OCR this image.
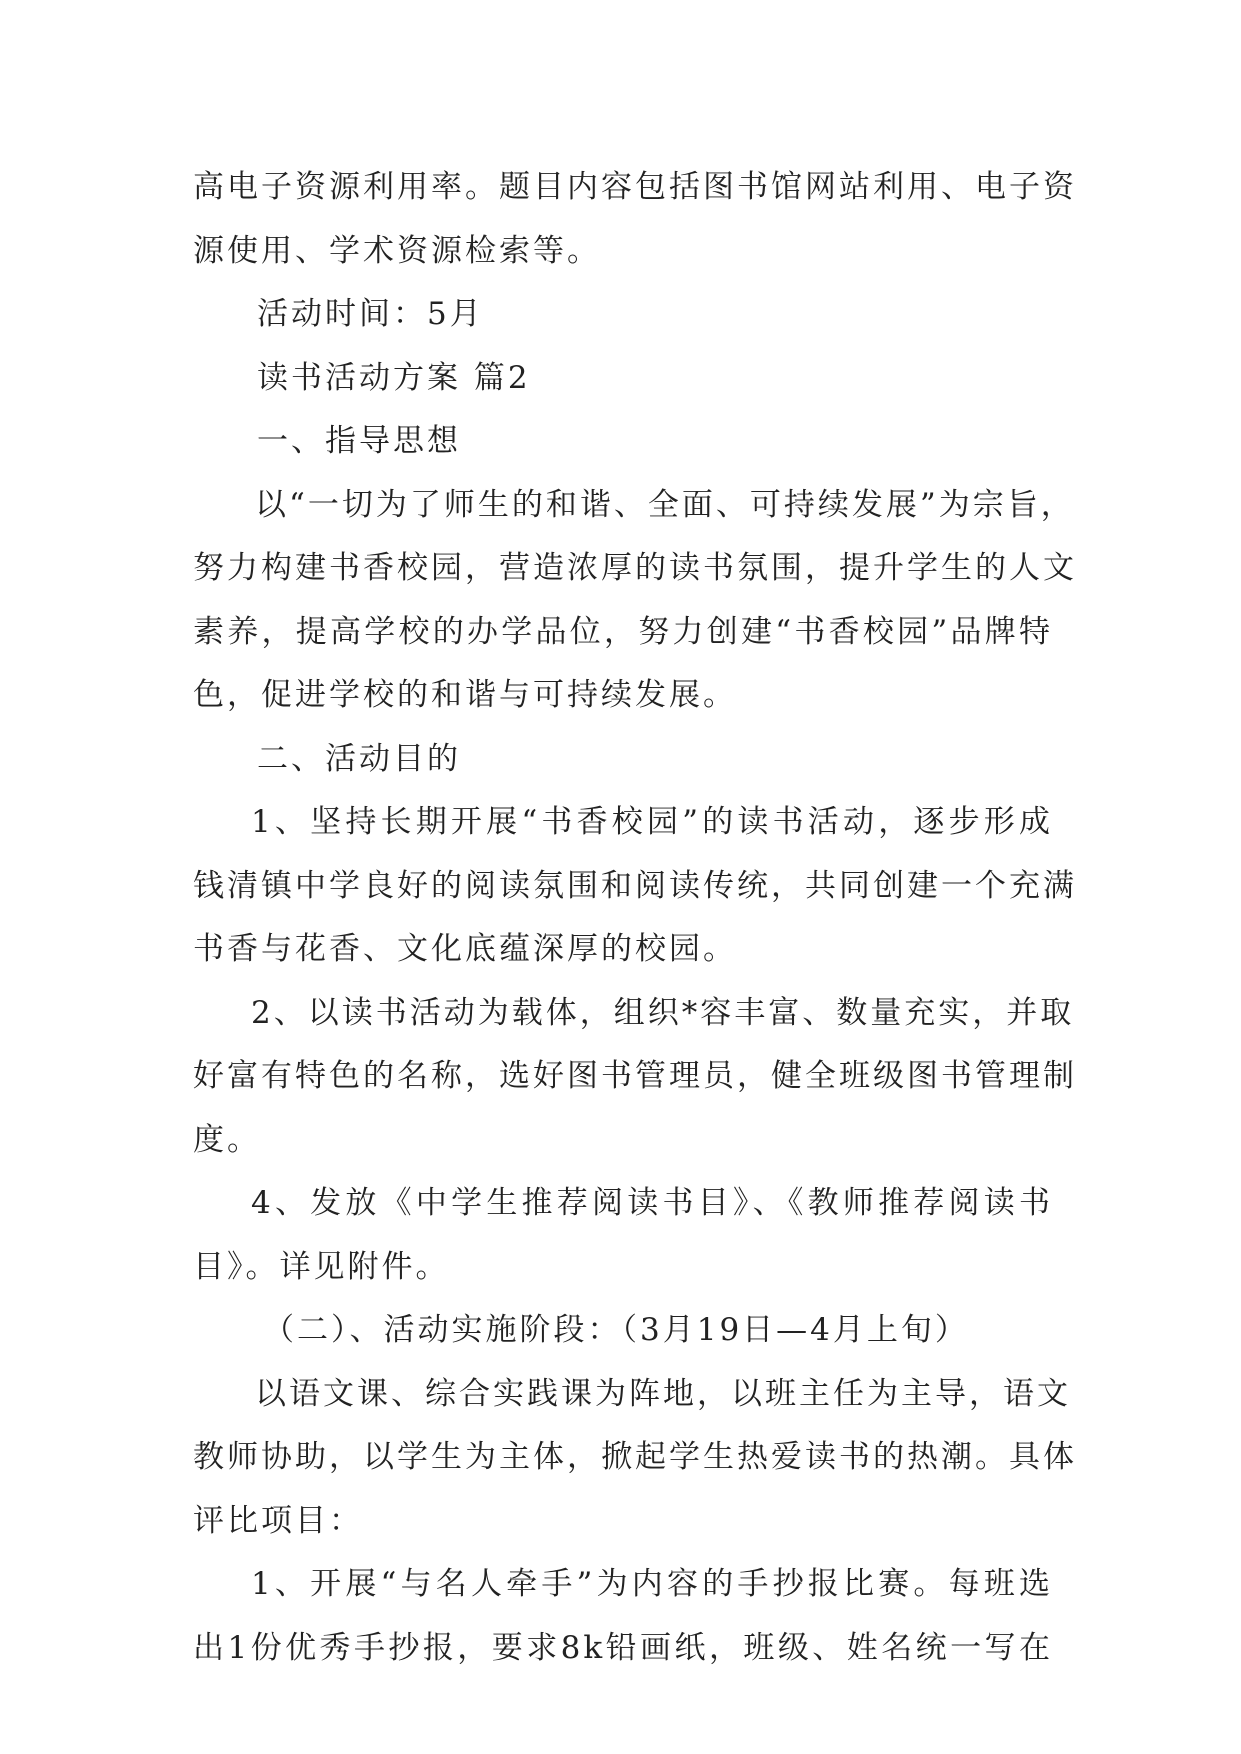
高电子资源利用率。题目内容包括图书馆网站利用、电子资
源使用、学术资源检索等。
活动时间：5月
读书活动方案 篇2
一、指导思想
以“一切为了师生的和谐、全面、可持续发展”为宗旨，
努力构建书香校园，营造浓厚的读书氛围，提升学生的人文
素养，提高学校的办学品位，努力创建“书香校园”品牌特
色，促进学校的和谐与可持续发展。
二、活动目的
1、坚持长期开展“书香校园”的读书活动，逐步形成
钱清镇中学良好的阅读氛围和阅读传统，共同创建一个充满
书香与花香、文化底蕴深厚的校园。
2、以读书活动为载体，组织*容丰富、数量充实，并取
好富有特色的名称，选好图书管理员，健全班级图书管理制
度。
4、发放《中学生推荐阅读书目》、《教师推荐阅读书
目》。详见附件。
（二）、活动实施阶段：（3月19日—4月上旬）
以语文课、综合实践课为阵地，以班主任为主导，语文
教师协助，以学生为主体，掀起学生热爱读书的热潮。具体
评比项目：
1、开展“与名人牵手”为内容的手抄报比赛。每班选
出1份优秀手抄报，要求8k铅画纸，班级、姓名统一写在
